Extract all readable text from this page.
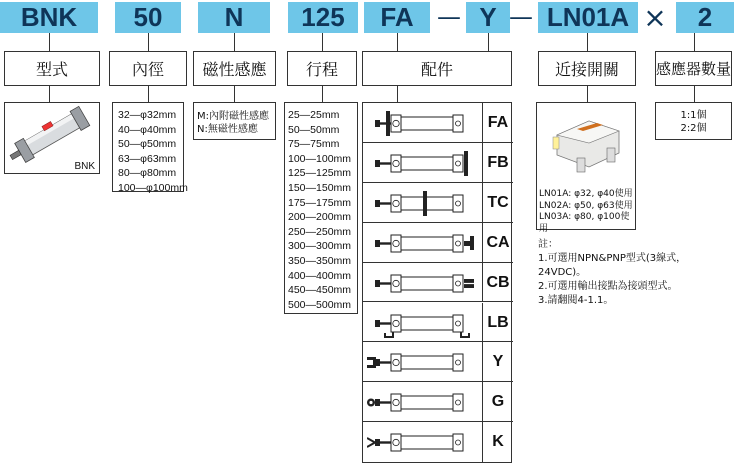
BNK	50	N	125	FA — Y — LN01A ×	2
型式	內徑	磁性感應	行程	配件	近接開關	感應器數量
BNK
32—φ32mm
40—φ40mm
50—φ50mm
63—φ63mm
80—φ80mm
100—φ100mm
M:內附磁性感應
N:無磁性感應
25—25mm
50—50mm
75—75mm
100—100mm
125—125mm
150—150mm
175—175mm
200—200mm
250—250mm
300—300mm
350—350mm
400—400mm
450—450mm
500—500mm
FA
FB
TC
CA
CB
LB
Y
G
K
LN01A: φ32, φ40使用
LN02A: φ50, φ63使用
LN03A: φ80, φ100使用
1:1個
2:2個
註：
1.可選用NPN&PNP型式(3線式，24VDC)。
2.可選用輸出接點為接頭型式。
3.請翻閱4-1.1。
